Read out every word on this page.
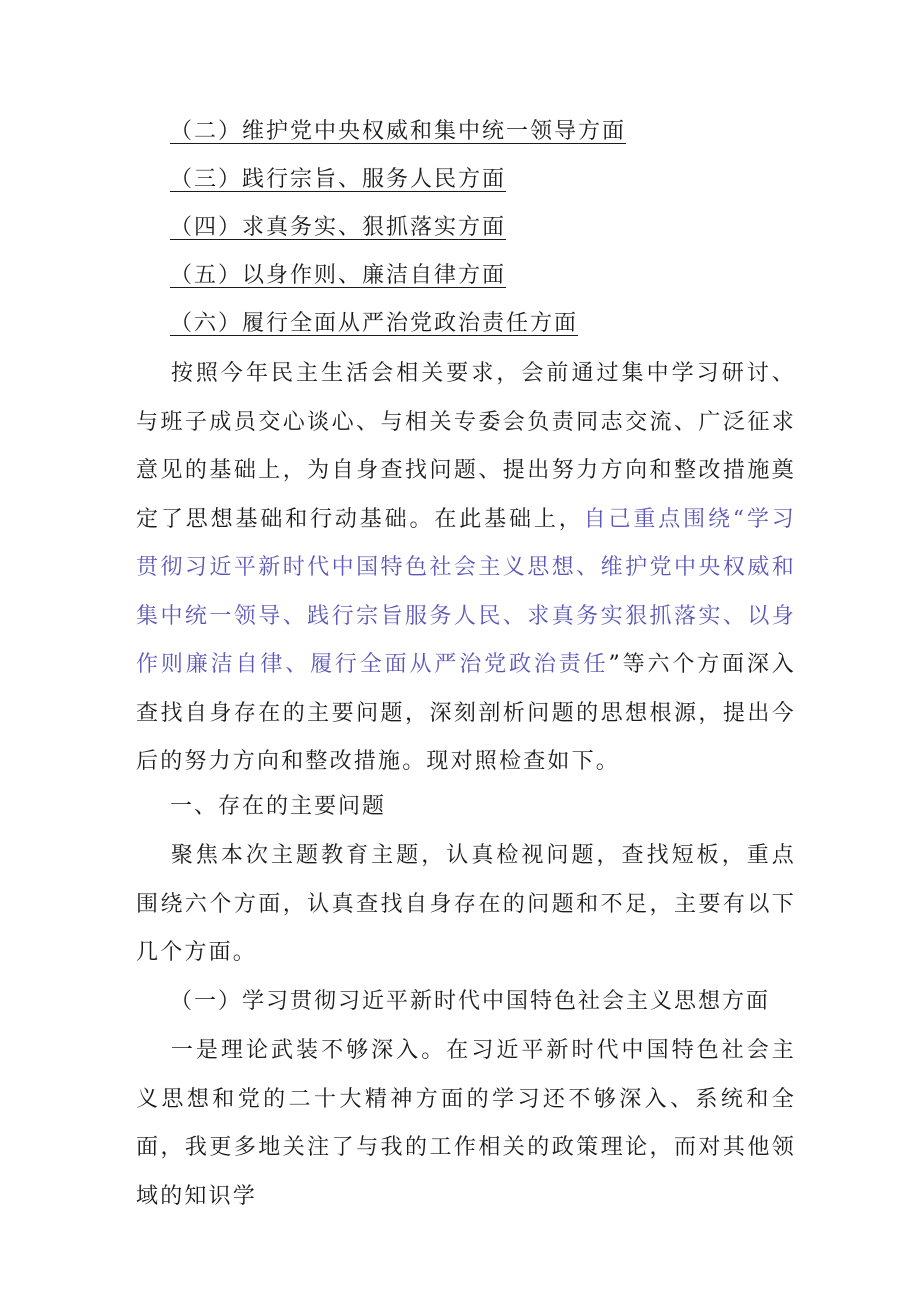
（二）维护党中央权威和集中统一领导方面
（三）践行宗旨、服务人民方面
（四）求真务实、狠抓落实方面
（五）以身作则、廉洁自律方面
（六）履行全面从严治党政治责任方面

按照今年民主生活会相关要求，会前通过集中学习研讨、与班子成员交心谈心、与相关专委会负责同志交流、广泛征求意见的基础上，为自身查找问题、提出努力方向和整改措施奠定了思想基础和行动基础。在此基础上，自己重点围绕“学习贯彻习近平新时代中国特色社会主义思想、维护党中央权威和集中统一领导、践行宗旨服务人民、求真务实狠抓落实、以身作则廉洁自律、履行全面从严治党政治责任”等六个方面深入查找自身存在的主要问题，深刻剖析问题的思想根源，提出今后的努力方向和整改措施。现对照检查如下。

一、存在的主要问题

聚焦本次主题教育主题，认真检视问题，查找短板，重点围绕六个方面，认真查找自身存在的问题和不足，主要有以下几个方面。

（一）学习贯彻习近平新时代中国特色社会主义思想方面

一是理论武装不够深入。在习近平新时代中国特色社会主义思想和党的二十大精神方面的学习还不够深入、系统和全面，我更多地关注了与我的工作相关的政策理论，而对其他领域的知识学
